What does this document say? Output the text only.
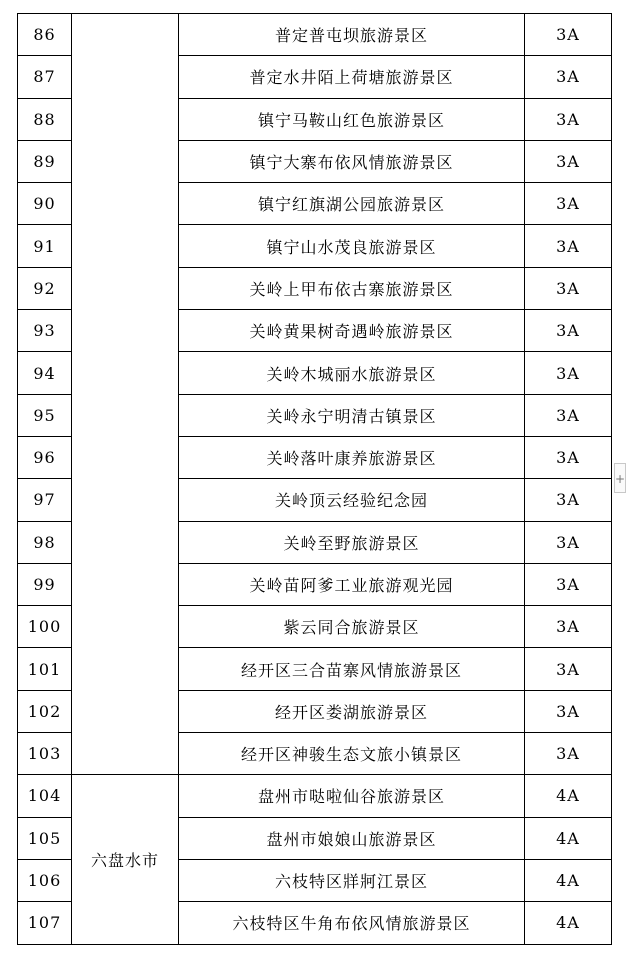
86		普定普屯坝旅游景区	3A
87		普定水井陌上荷塘旅游景区	3A
88		镇宁马鞍山红色旅游景区	3A
89		镇宁大寨布依风情旅游景区	3A
90		镇宁红旗湖公园旅游景区	3A
91		镇宁山水茂良旅游景区	3A
92		关岭上甲布依古寨旅游景区	3A
93		关岭黄果树奇遇岭旅游景区	3A
94		关岭木城丽水旅游景区	3A
95		关岭永宁明清古镇景区	3A
96		关岭落叶康养旅游景区	3A
97		关岭顶云经验纪念园	3A
98		关岭至野旅游景区	3A
99		关岭苗阿爹工业旅游观光园	3A
100		紫云同合旅游景区	3A
101		经开区三合苗寨风情旅游景区	3A
102		经开区娄湖旅游景区	3A
103		经开区神骏生态文旅小镇景区	3A
104	六盘水市	盘州市哒啦仙谷旅游景区	4A
105		盘州市娘娘山旅游景区	4A
106		六枝特区牂牁江景区	4A
107		六枝特区牛角布依风情旅游景区	4A
+
